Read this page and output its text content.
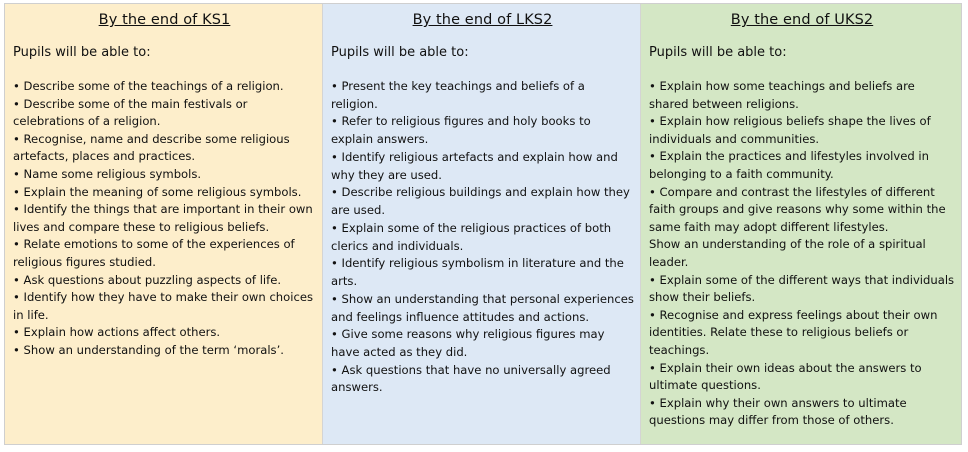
By the end of KS1
Pupils will be able to:
• Describe some of the teachings of a religion.
• Describe some of the main festivals or celebrations of a religion.
• Recognise, name and describe some religious artefacts, places and practices.
• Name some religious symbols.
• Explain the meaning of some religious symbols.
• Identify the things that are important in their own lives and compare these to religious beliefs.
• Relate emotions to some of the experiences of religious figures studied.
• Ask questions about puzzling aspects of life.
• Identify how they have to make their own choices in life.
• Explain how actions affect others.
• Show an understanding of the term ‘morals’.
By the end of LKS2
Pupils will be able to:
• Present the key teachings and beliefs of a religion.
• Refer to religious figures and holy books to explain answers.
• Identify religious artefacts and explain how and why they are used.
• Describe religious buildings and explain how they are used.
• Explain some of the religious practices of both clerics and individuals.
• Identify religious symbolism in literature and the arts.
• Show an understanding that personal experiences and feelings influence attitudes and actions.
• Give some reasons why religious figures may have acted as they did.
• Ask questions that have no universally agreed answers.
By the end of UKS2
Pupils will be able to:
• Explain how some teachings and beliefs are shared between religions.
• Explain how religious beliefs shape the lives of individuals and communities.
• Explain the practices and lifestyles involved in belonging to a faith community.
• Compare and contrast the lifestyles of different faith groups and give reasons why some within the same faith may adopt different lifestyles.
Show an understanding of the role of a spiritual leader.
• Explain some of the different ways that individuals show their beliefs.
• Recognise and express feelings about their own identities. Relate these to religious beliefs or teachings.
• Explain their own ideas about the answers to ultimate questions.
• Explain why their own answers to ultimate questions may differ from those of others.
